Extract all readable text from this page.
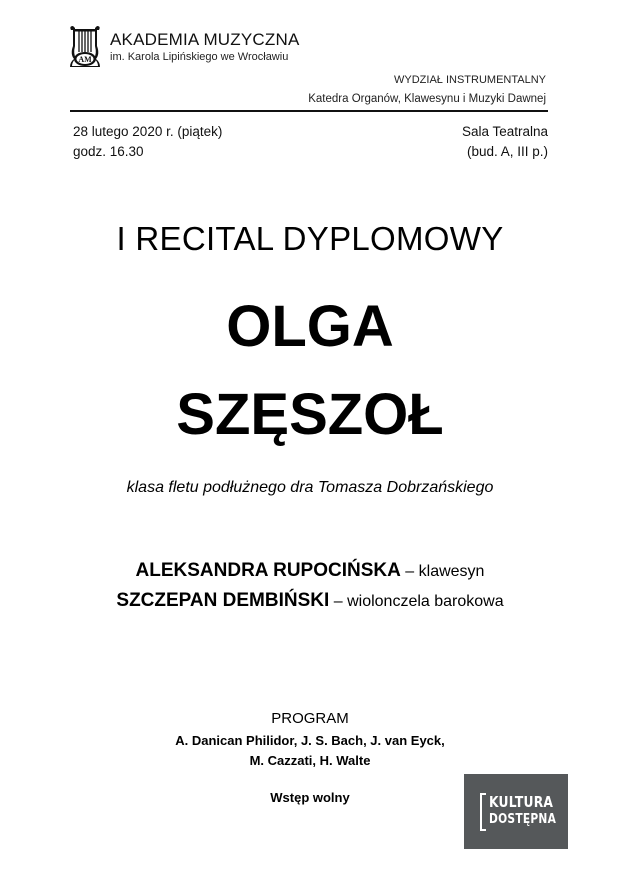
AM
AKADEMIA MUZYCZNA
im. Karola Lipińskiego we Wrocławiu
WYDZIAŁ INSTRUMENTALNY
Katedra Organów, Klawesynu i Muzyki Dawnej
28 lutego 2020 r. (piątek)
godz. 16.30
Sala Teatralna
(bud. A, III p.)
I RECITAL DYPLOMOWY
OLGA
SZĘSZOŁ
klasa fletu podłużnego dra Tomasza Dobrzańskiego
ALEKSANDRA RUPOCIŃSKA – klawesyn
SZCZEPAN DEMBIŃSKI – wiolonczela barokowa
PROGRAM
A. Danican Philidor, J. S. Bach, J. van Eyck,
M. Cazzati, H. Walte
Wstęp wolny	KULTURA
DOSTĘPNA
